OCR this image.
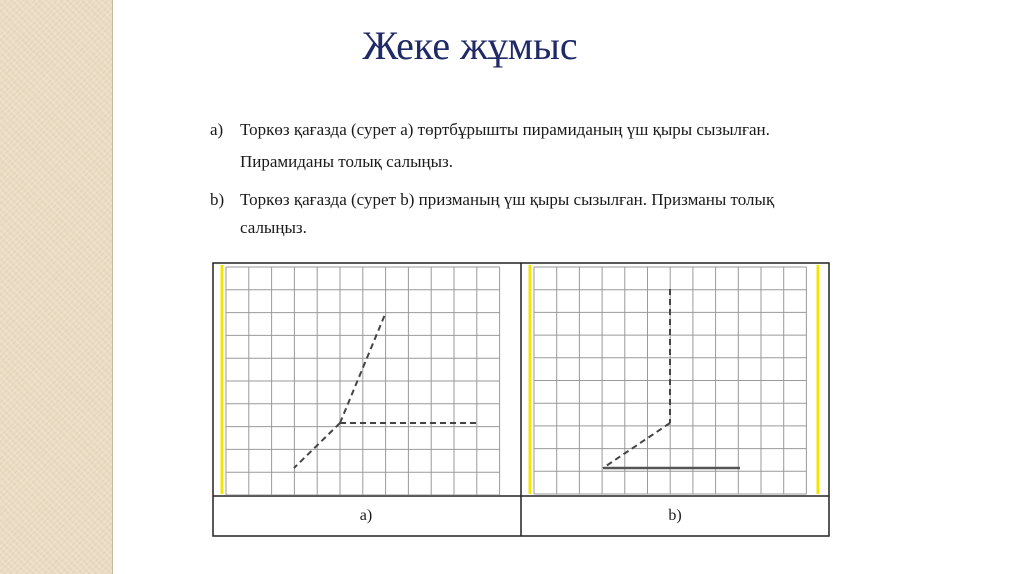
Жеке жұмыс
a) Торкөз қағазда (сурет а) төртбұрышты пирамиданың үш қыры сызылған. Пирамиданы толық салыңыз.
b) Торкөз қағазда (сурет b) призманың үш қыры сызылған. Призманы толық салыңыз.
а)	b)
